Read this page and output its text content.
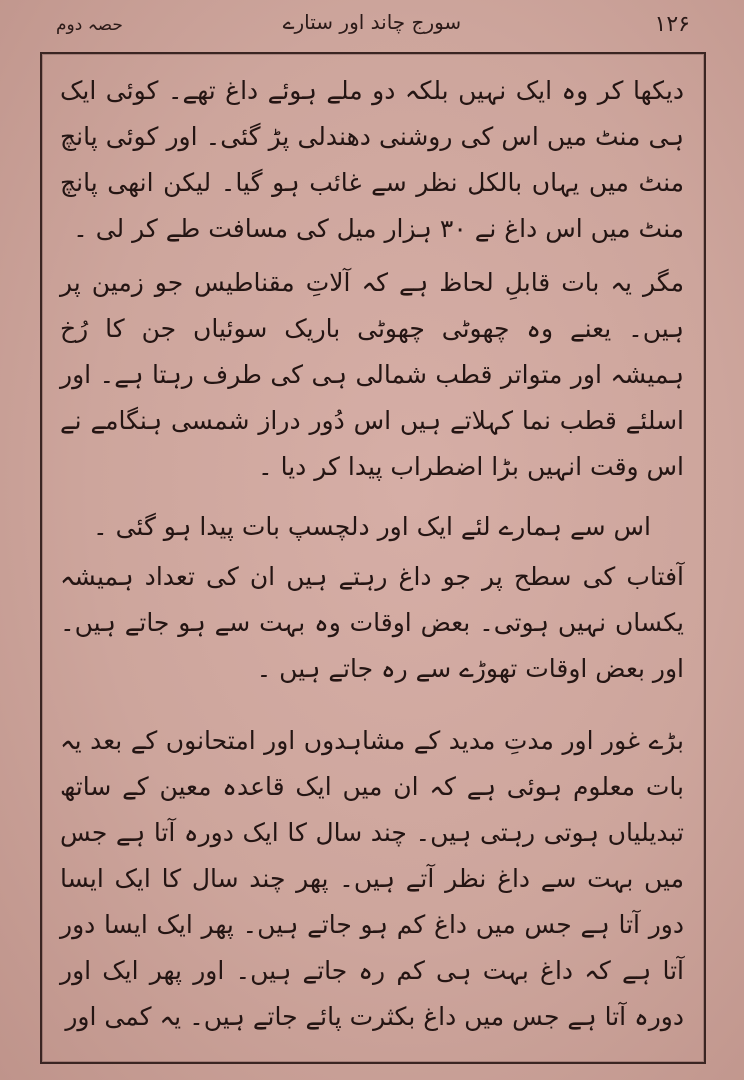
۱۲۶
سورج چاند اور ستارے
حصہ دوم

دیکھا کر وہ ایک نہیں بلکہ دو ملے ہوئے داغ تھے۔ کوئی ایک ہی منٹ میں اس کی روشنی دھندلی پڑ گئی۔ اور کوئی پانچ منٹ میں یہاں بالکل نظر سے غائب ہو گیا۔ لیکن انھی پانچ منٹ میں اس داغ نے ۳۰ ہزار میل کی مسافت طے کر لی ۔

مگر یہ بات قابلِ لحاظ ہے کہ آلاتِ مقناطیس جو زمین پر ہیں۔ یعنے وہ چھوٹی چھوٹی باریک سوئیاں جن کا رُخ ہمیشہ اور متواتر قطب شمالی ہی کی طرف رہتا ہے۔ اور اسلئے قطب نما کہلاتے ہیں اس دُور دراز شمسی ہنگامے نے اس وقت انہیں بڑا اضطراب پیدا کر دیا ۔

اس سے ہمارے لئے ایک اور دلچسپ بات پیدا ہو گئی ۔

آفتاب کی سطح پر جو داغ رہتے ہیں ان کی تعداد ہمیشہ یکساں نہیں ہوتی۔ بعض اوقات وہ بہت سے ہو جاتے ہیں۔ اور بعض اوقات تھوڑے سے رہ جاتے ہیں ۔

بڑے غور اور مدتِ مدید کے مشاہدوں اور امتحانوں کے بعد یہ بات معلوم ہوئی ہے کہ ان میں ایک قاعدہ معین کے ساتھ تبدیلیاں ہوتی رہتی ہیں۔ چند سال کا ایک دورہ آتا ہے جس میں بہت سے داغ نظر آتے ہیں۔ پھر چند سال کا ایک ایسا دور آتا ہے جس میں داغ کم ہو جاتے ہیں۔ پھر ایک ایسا دور آتا ہے کہ داغ بہت ہی کم رہ جاتے ہیں۔ اور پھر ایک اور دورہ آتا ہے جس میں داغ بکثرت پائے جاتے ہیں۔ یہ کمی اور
